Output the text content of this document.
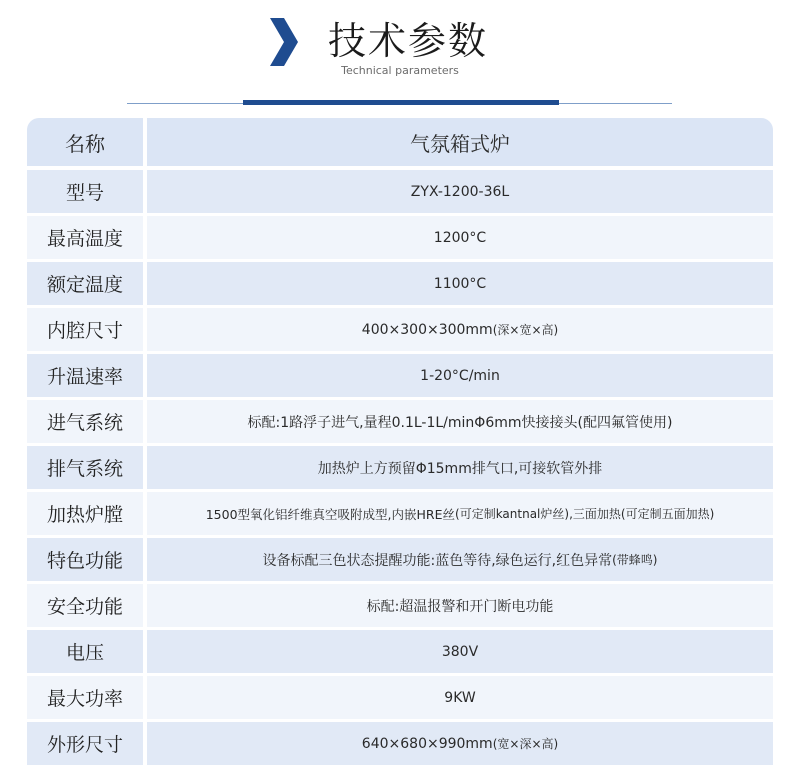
技术参数
Technical parameters
名称	气氛箱式炉
型号	ZYX-1200-36L
最高温度	1200°C
额定温度	1100°C
内腔尺寸	400×300×300mm (深×宽×高)
升温速率	1-20°C/min
进气系统	标配:1路浮子进气,量程0.1L-1L/minΦ6mm快接接头 (配四氟管使用)
排气系统	加热炉上方预留Φ15mm排气口,可接软管外排
加热炉膛	1500型氧化铝纤维真空吸附成型,内嵌HRE丝 (可定制kantnal炉丝),三面加热(可定制五面加热)
特色功能	设备标配三色状态提醒功能:蓝色等待,绿色运行,红色异常 (带蜂鸣)
安全功能	标配:超温报警和开门断电功能
电压	380V
最大功率	9KW
外形尺寸	640×680×990mm (宽×深×高)
